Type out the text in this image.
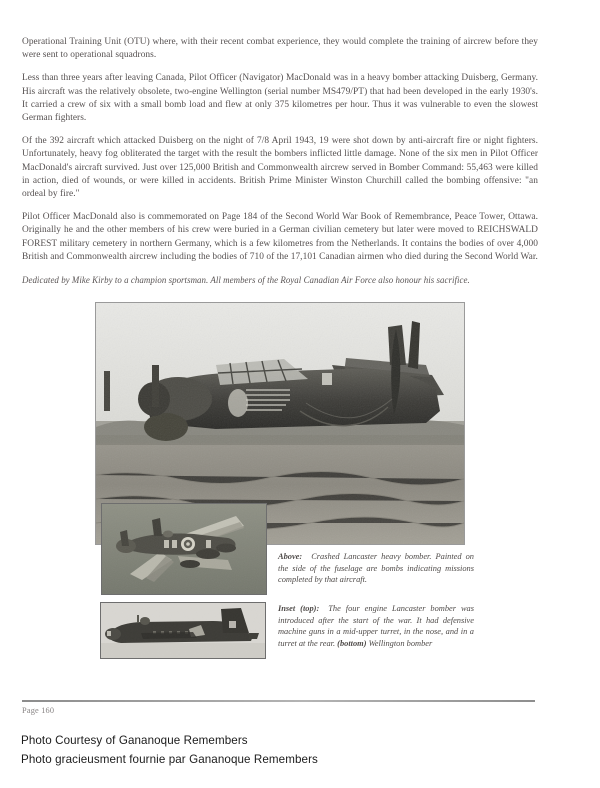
Operational Training Unit (OTU) where, with their recent combat experience, they would complete the training of aircrew before they were sent to operational squadrons.

Less than three years after leaving Canada, Pilot Officer (Navigator) MacDonald was in a heavy bomber attacking Duisberg, Germany. His aircraft was the relatively obsolete, two-engine Wellington (serial number MS479/PT) that had been developed in the early 1930's. It carried a crew of six with a small bomb load and flew at only 375 kilometres per hour. Thus it was vulnerable to even the slowest German fighters.

Of the 392 aircraft which attacked Duisberg on the night of 7/8 April 1943, 19 were shot down by anti-aircraft fire or night fighters. Unfortunately, heavy fog obliterated the target with the result the bombers inflicted little damage. None of the six men in Pilot Officer MacDonald's aircraft survived. Just over 125,000 British and Commonwealth aircrew served in Bomber Command: 55,463 were killed in action, died of wounds, or were killed in accidents. British Prime Minister Winston Churchill called the bombing offensive: "an ordeal by fire."

Pilot Officer MacDonald also is commemorated on Page 184 of the Second World War Book of Remembrance, Peace Tower, Ottawa. Originally he and the other members of his crew were buried in a German civilian cemetery but later were moved to REICHSWALD FOREST military cemetery in northern Germany, which is a few kilometres from the Netherlands. It contains the bodies of over 4,000 British and Commonwealth aircrew including the bodies of 710 of the 17,101 Canadian airmen who died during the Second World War.

Dedicated by Mike Kirby to a champion sportsman. All members of the Royal Canadian Air Force also honour his sacrifice.

Above: Crashed Lancaster heavy bomber. Painted on the side of the fuselage are bombs indicating missions completed by that aircraft.
Inset (top): The four engine Lancaster bomber was introduced after the start of the war. It had defensive machine guns in a mid-upper turret, in the nose, and in a turret at the rear. (bottom) Wellington bomber
Page 160
Photo Courtesy of Gananoque Remembers
Photo gracieusment fournie par Gananoque Remembers
